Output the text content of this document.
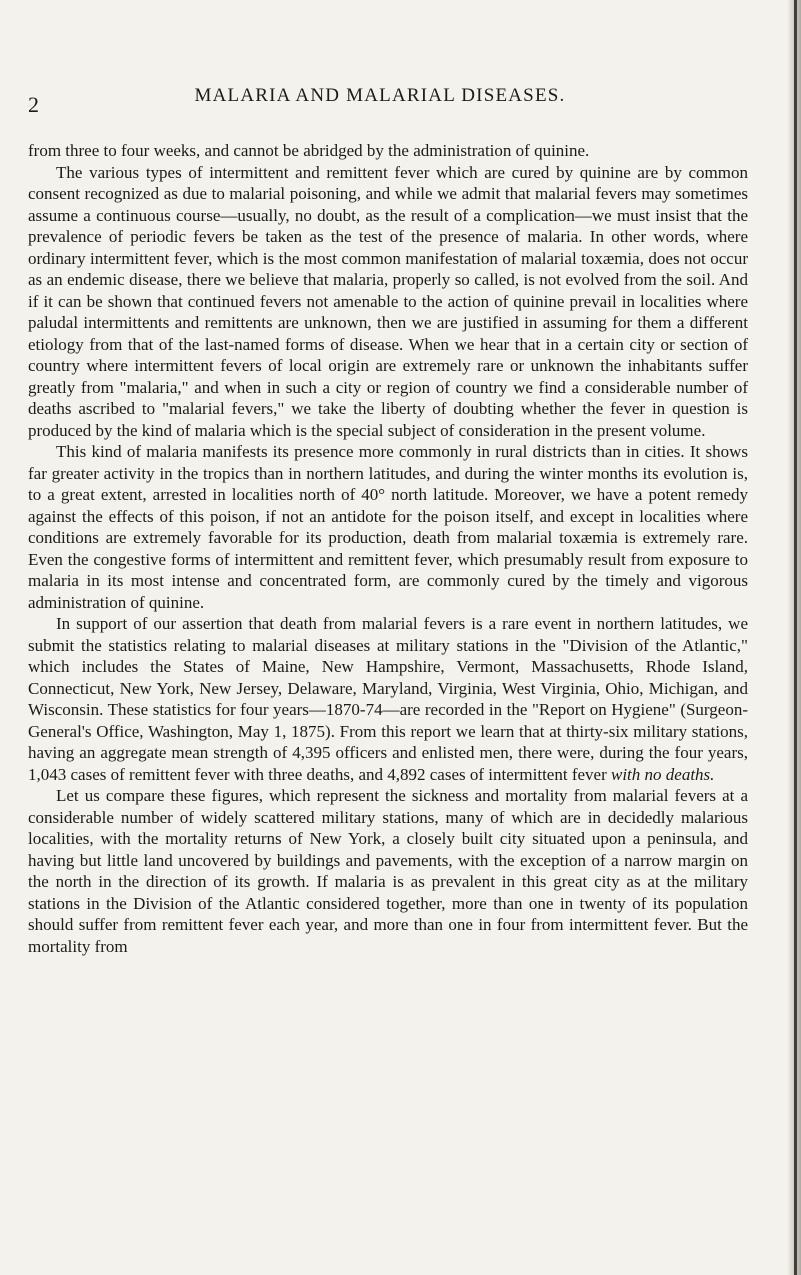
2	MALARIA AND MALARIAL DISEASES.

from three to four weeks, and cannot be abridged by the administration of quinine.

The various types of intermittent and remittent fever which are cured by quinine are by common consent recognized as due to malarial poisoning, and while we admit that malarial fevers may sometimes assume a continuous course—usually, no doubt, as the result of a complication—we must insist that the prevalence of periodic fevers be taken as the test of the presence of malaria. In other words, where ordinary intermittent fever, which is the most common manifestation of malarial toxæmia, does not occur as an endemic disease, there we believe that malaria, properly so called, is not evolved from the soil. And if it can be shown that continued fevers not amenable to the action of quinine prevail in localities where paludal intermittents and remittents are unknown, then we are justified in assuming for them a different etiology from that of the last-named forms of disease. When we hear that in a certain city or section of country where intermittent fevers of local origin are extremely rare or unknown the inhabitants suffer greatly from "malaria," and when in such a city or region of country we find a considerable number of deaths ascribed to "malarial fevers," we take the liberty of doubting whether the fever in question is produced by the kind of malaria which is the special subject of consideration in the present volume.

This kind of malaria manifests its presence more commonly in rural districts than in cities. It shows far greater activity in the tropics than in northern latitudes, and during the winter months its evolution is, to a great extent, arrested in localities north of 40° north latitude. Moreover, we have a potent remedy against the effects of this poison, if not an antidote for the poison itself, and except in localities where conditions are extremely favorable for its production, death from malarial toxæmia is extremely rare. Even the congestive forms of intermittent and remittent fever, which presumably result from exposure to malaria in its most intense and concentrated form, are commonly cured by the timely and vigorous administration of quinine.

In support of our assertion that death from malarial fevers is a rare event in northern latitudes, we submit the statistics relating to malarial diseases at military stations in the "Division of the Atlantic," which includes the States of Maine, New Hampshire, Vermont, Massachusetts, Rhode Island, Connecticut, New York, New Jersey, Delaware, Maryland, Virginia, West Virginia, Ohio, Michigan, and Wisconsin. These statistics for four years—1870-74—are recorded in the "Report on Hygiene" (Surgeon-General's Office, Washington, May 1, 1875). From this report we learn that at thirty-six military stations, having an aggregate mean strength of 4,395 officers and enlisted men, there were, during the four years, 1,043 cases of remittent fever with three deaths, and 4,892 cases of intermittent fever with no deaths.

Let us compare these figures, which represent the sickness and mortality from malarial fevers at a considerable number of widely scattered military stations, many of which are in decidedly malarious localities, with the mortality returns of New York, a closely built city situated upon a peninsula, and having but little land uncovered by buildings and pavements, with the exception of a narrow margin on the north in the direction of its growth. If malaria is as prevalent in this great city as at the military stations in the Division of the Atlantic considered together, more than one in twenty of its population should suffer from remittent fever each year, and more than one in four from intermittent fever. But the mortality from
